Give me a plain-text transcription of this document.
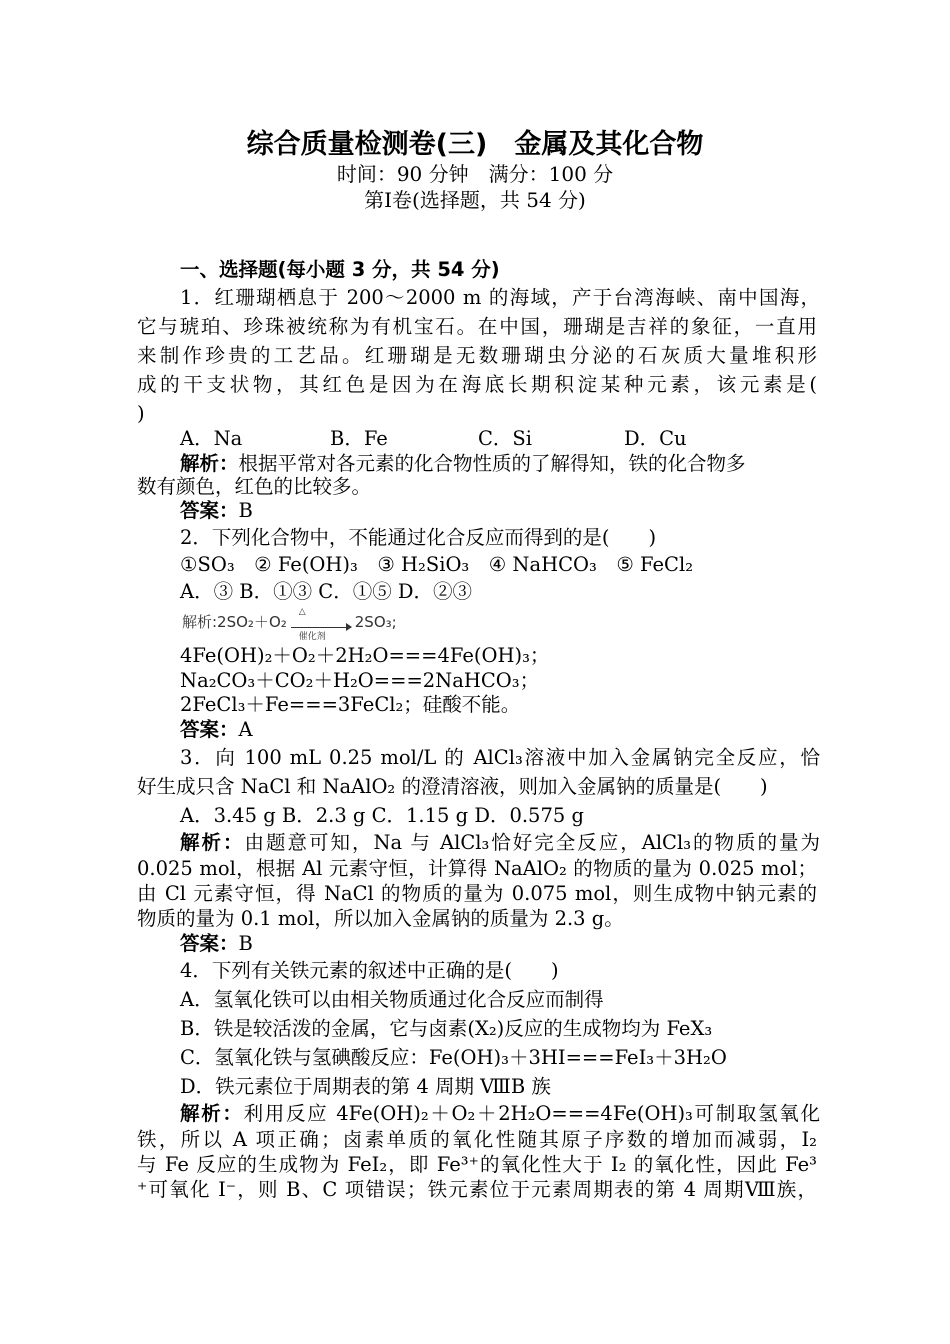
综合质量检测卷(三)　金属及其化合物
时间：90 分钟　满分：100 分
第Ⅰ卷(选择题，共 54 分)
一、选择题(每小题 3 分，共 54 分)
1．红珊瑚栖息于 200～2000 m 的海域，产于台湾海峡、南中国海，
它与琥珀、珍珠被统称为有机宝石。在中国，珊瑚是吉祥的象征，一直用
来制作珍贵的工艺品。红珊瑚是无数珊瑚虫分泌的石灰质大量堆积形
成的干支状物，其红色是因为在海底长期积淀某种元素，该元素是(
)
A．Na	B．Fe	C．Si	D．Cu
解析：根据平常对各元素的化合物性质的了解得知，铁的化合物多
数有颜色，红色的比较多。
答案：B
2．下列化合物中，不能通过化合反应而得到的是(　　)
①SO₃　② Fe(OH)₃　③ H₂SiO₃　④ NaHCO₃　⑤ FeCl₂
A．③ B．①③ C．①⑤ D．②③
解析:2SO₂＋O₂
△
催化剂
2SO₃;
4Fe(OH)₂＋O₂＋2H₂O===4Fe(OH)₃；
Na₂CO₃＋CO₂＋H₂O===2NaHCO₃；
2FeCl₃＋Fe===3FeCl₂；硅酸不能。
答案：A
3．向 100 mL 0.25 mol/L 的 AlCl₃溶液中加入金属钠完全反应，恰
好生成只含 NaCl 和 NaAlO₂ 的澄清溶液，则加入金属钠的质量是(　　)
A．3.45 g B．2.3 g C．1.15 g D．0.575 g
解析：由题意可知，Na 与 AlCl₃恰好完全反应，AlCl₃的物质的量为
0.025 mol，根据 Al 元素守恒，计算得 NaAlO₂ 的物质的量为 0.025 mol；
由 Cl 元素守恒，得 NaCl 的物质的量为 0.075 mol，则生成物中钠元素的
物质的量为 0.1 mol，所以加入金属钠的质量为 2.3 g。
答案：B
4．下列有关铁元素的叙述中正确的是(　　)
A．氢氧化铁可以由相关物质通过化合反应而制得
B．铁是较活泼的金属，它与卤素(X₂)反应的生成物均为 FeX₃
C．氢氧化铁与氢碘酸反应：Fe(OH)₃＋3HI===FeI₃＋3H₂O
D．铁元素位于周期表的第 4 周期 ⅧB 族
解析：利用反应 4Fe(OH)₂＋O₂＋2H₂O===4Fe(OH)₃可制取氢氧化
铁，所以 A 项正确；卤素单质的氧化性随其原子序数的增加而减弱，I₂
与 Fe 反应的生成物为 FeI₂，即 Fe³⁺的氧化性大于 I₂ 的氧化性，因此 Fe³
⁺可氧化 I⁻，则 B、C 项错误；铁元素位于元素周期表的第 4 周期Ⅷ族，
